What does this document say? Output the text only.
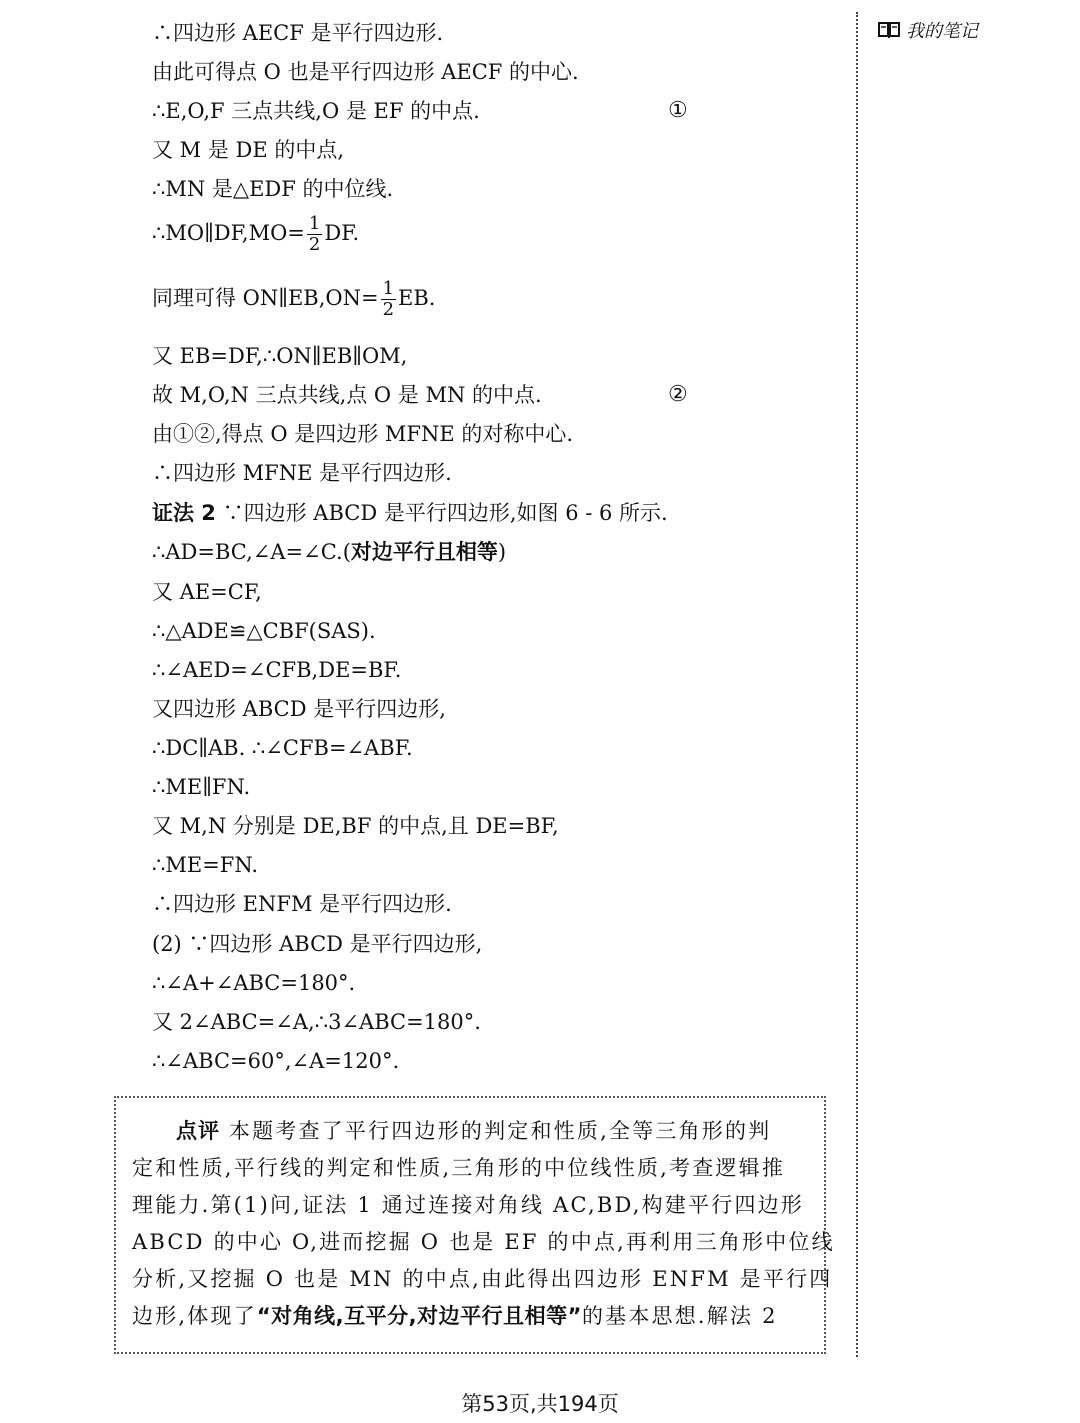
我的笔记
∴四边形 AECF 是平行四边形.
由此可得点 O 也是平行四边形 AECF 的中心.
∴E,O,F 三点共线,O 是 EF 的中点.	①
又 M 是 DE 的中点,
∴MN 是△EDF 的中位线.
∴MO∥DF,MO= $\frac{1}{2}$ DF.
同理可得 ON∥EB,ON= $\frac{1}{2}$ EB.
又 EB=DF,∴ON∥EB∥OM,
故 M,O,N 三点共线,点 O 是 MN 的中点.	②
由①②,得点 O 是四边形 MFNE 的对称中心.
∴四边形 MFNE 是平行四边形.
证法 2 ∵四边形 ABCD 是平行四边形,如图 6 - 6 所示.
∴AD=BC,∠A=∠C.(对边平行且相等)
又 AE=CF,
∴△ADE≌△CBF(SAS).
∴∠AED=∠CFB,DE=BF.
又四边形 ABCD 是平行四边形,
∴DC∥AB. ∴∠CFB=∠ABF.
∴ME∥FN.
又 M,N 分别是 DE,BF 的中点,且 DE=BF,
∴ME=FN.
∴四边形 ENFM 是平行四边形.
(2) ∵四边形 ABCD 是平行四边形,
∴∠A+∠ABC=180°.
又 2∠ABC=∠A,∴3∠ABC=180°.
∴∠ABC=60°,∠A=120°.
点评 本题考查了平行四边形的判定和性质,全等三角形的判
定和性质,平行线的判定和性质,三角形的中位线性质,考查逻辑推
理能力.第(1)问,证法 1 通过连接对角线 AC,BD,构建平行四边形
ABCD 的中心 O,进而挖掘 O 也是 EF 的中点,再利用三角形中位线
分析,又挖掘 O 也是 MN 的中点,由此得出四边形 ENFM 是平行四
边形,体现了“对角线,互平分,对边平行且相等”的基本思想.解法 2
第53页,共194页
